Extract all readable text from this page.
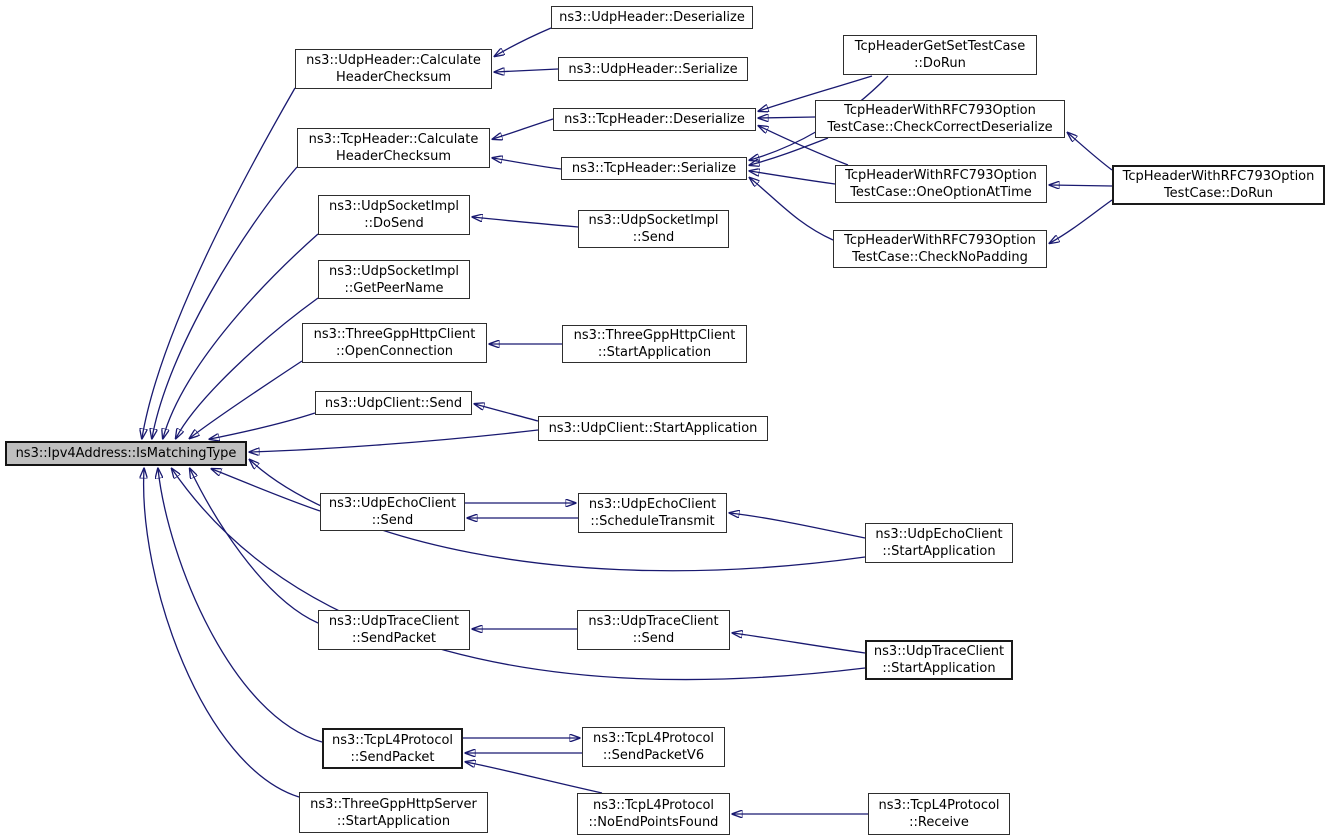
ns3::Ipv4Address::IsMatchingType
ns3::UdpHeader::Calculate
HeaderChecksum
ns3::TcpHeader::Calculate
HeaderChecksum
ns3::UdpSocketImpl
::DoSend
ns3::UdpSocketImpl
::GetPeerName
ns3::ThreeGppHttpClient
::OpenConnection
ns3::UdpClient::Send
ns3::UdpEchoClient
::Send
ns3::UdpTraceClient
::SendPacket
ns3::TcpL4Protocol
::SendPacket
ns3::ThreeGppHttpServer
::StartApplication
ns3::UdpHeader::Deserialize
ns3::UdpHeader::Serialize
ns3::TcpHeader::Deserialize
ns3::TcpHeader::Serialize
ns3::UdpSocketImpl
::Send
ns3::ThreeGppHttpClient
::StartApplication
ns3::UdpClient::StartApplication
ns3::UdpEchoClient
::ScheduleTransmit
ns3::UdpTraceClient
::Send
ns3::TcpL4Protocol
::SendPacketV6
ns3::TcpL4Protocol
::NoEndPointsFound
TcpHeaderGetSetTestCase
::DoRun
TcpHeaderWithRFC793Option
TestCase::CheckCorrectDeserialize
TcpHeaderWithRFC793Option
TestCase::OneOptionAtTime
TcpHeaderWithRFC793Option
TestCase::CheckNoPadding
ns3::UdpEchoClient
::StartApplication
ns3::UdpTraceClient
::StartApplication
ns3::TcpL4Protocol
::Receive
TcpHeaderWithRFC793Option
TestCase::DoRun
